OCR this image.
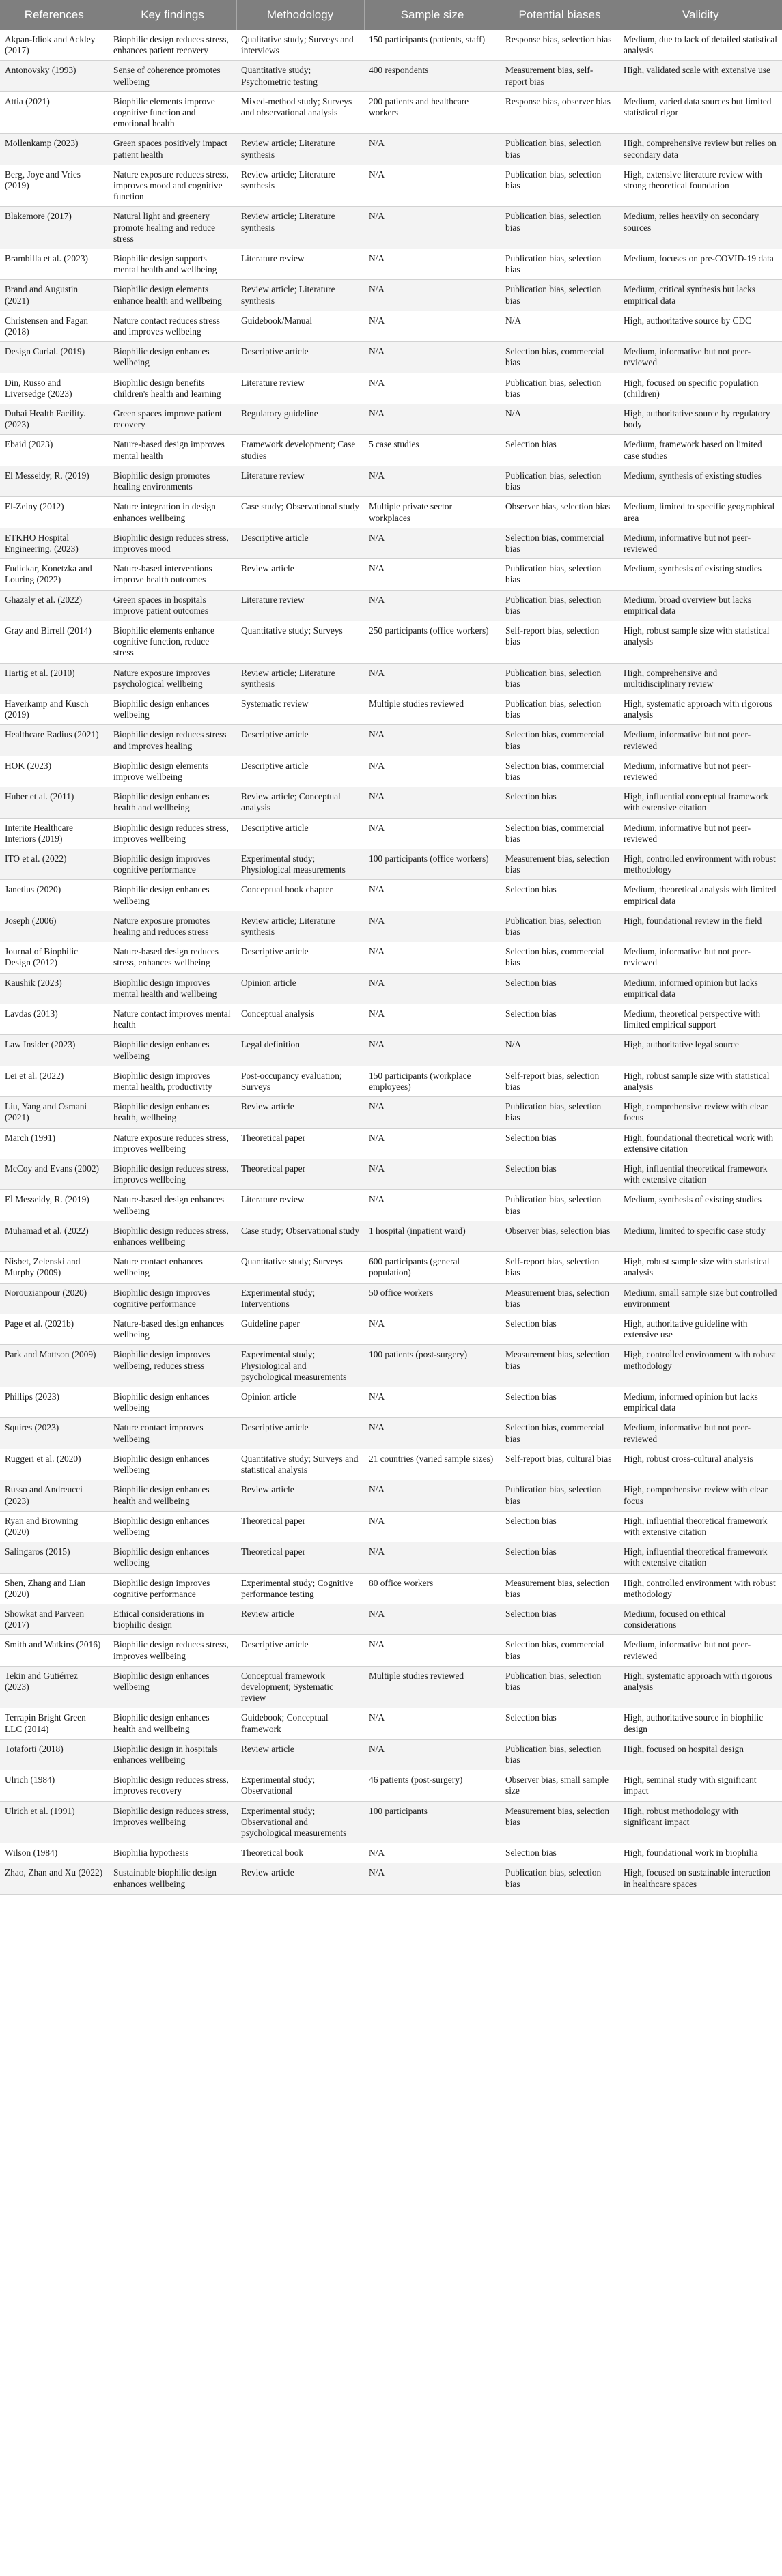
References	Key findings	Methodology	Sample size	Potential biases	Validity
Akpan-Idiok and Ackley (2017)	Biophilic design reduces stress, enhances patient recovery	Qualitative study; Surveys and interviews	150 participants (patients, staff)	Response bias, selection bias	Medium, due to lack of detailed statistical analysis
Antonovsky (1993)	Sense of coherence promotes wellbeing	Quantitative study; Psychometric testing	400 respondents	Measurement bias, self-report bias	High, validated scale with extensive use
Attia (2021)	Biophilic elements improve cognitive function and emotional health	Mixed-method study; Surveys and observational analysis	200 patients and healthcare workers	Response bias, observer bias	Medium, varied data sources but limited statistical rigor
Mollenkamp (2023)	Green spaces positively impact patient health	Review article; Literature synthesis	N/A	Publication bias, selection bias	High, comprehensive review but relies on secondary data
Berg, Joye and Vries (2019)	Nature exposure reduces stress, improves mood and cognitive function	Review article; Literature synthesis	N/A	Publication bias, selection bias	High, extensive literature review with strong theoretical foundation
Blakemore (2017)	Natural light and greenery promote healing and reduce stress	Review article; Literature synthesis	N/A	Publication bias, selection bias	Medium, relies heavily on secondary sources
Brambilla et al. (2023)	Biophilic design supports mental health and wellbeing	Literature review	N/A	Publication bias, selection bias	Medium, focuses on pre-COVID-19 data
Brand and Augustin (2021)	Biophilic design elements enhance health and wellbeing	Review article; Literature synthesis	N/A	Publication bias, selection bias	Medium, critical synthesis but lacks empirical data
Christensen and Fagan (2018)	Nature contact reduces stress and improves wellbeing	Guidebook/Manual	N/A	N/A	High, authoritative source by CDC
Design Curial. (2019)	Biophilic design enhances wellbeing	Descriptive article	N/A	Selection bias, commercial bias	Medium, informative but not peer-reviewed
Din, Russo and Liversedge (2023)	Biophilic design benefits children's health and learning	Literature review	N/A	Publication bias, selection bias	High, focused on specific population (children)
Dubai Health Facility. (2023)	Green spaces improve patient recovery	Regulatory guideline	N/A	N/A	High, authoritative source by regulatory body
Ebaid (2023)	Nature-based design improves mental health	Framework development; Case studies	5 case studies	Selection bias	Medium, framework based on limited case studies
El Messeidy, R. (2019)	Biophilic design promotes healing environments	Literature review	N/A	Publication bias, selection bias	Medium, synthesis of existing studies
El-Zeiny (2012)	Nature integration in design enhances wellbeing	Case study; Observational study	Multiple private sector workplaces	Observer bias, selection bias	Medium, limited to specific geographical area
ETKHO Hospital Engineering. (2023)	Biophilic design reduces stress, improves mood	Descriptive article	N/A	Selection bias, commercial bias	Medium, informative but not peer-reviewed
Fudickar, Konetzka and Louring (2022)	Nature-based interventions improve health outcomes	Review article	N/A	Publication bias, selection bias	Medium, synthesis of existing studies
Ghazaly et al. (2022)	Green spaces in hospitals improve patient outcomes	Literature review	N/A	Publication bias, selection bias	Medium, broad overview but lacks empirical data
Gray and Birrell (2014)	Biophilic elements enhance cognitive function, reduce stress	Quantitative study; Surveys	250 participants (office workers)	Self-report bias, selection bias	High, robust sample size with statistical analysis
Hartig et al. (2010)	Nature exposure improves psychological wellbeing	Review article; Literature synthesis	N/A	Publication bias, selection bias	High, comprehensive and multidisciplinary review
Haverkamp and Kusch (2019)	Biophilic design enhances wellbeing	Systematic review	Multiple studies reviewed	Publication bias, selection bias	High, systematic approach with rigorous analysis
Healthcare Radius (2021)	Biophilic design reduces stress and improves healing	Descriptive article	N/A	Selection bias, commercial bias	Medium, informative but not peer-reviewed
HOK (2023)	Biophilic design elements improve wellbeing	Descriptive article	N/A	Selection bias, commercial bias	Medium, informative but not peer-reviewed
Huber et al. (2011)	Biophilic design enhances health and wellbeing	Review article; Conceptual analysis	N/A	Selection bias	High, influential conceptual framework with extensive citation
Interite Healthcare Interiors (2019)	Biophilic design reduces stress, improves wellbeing	Descriptive article	N/A	Selection bias, commercial bias	Medium, informative but not peer-reviewed
ITO et al. (2022)	Biophilic design improves cognitive performance	Experimental study; Physiological measurements	100 participants (office workers)	Measurement bias, selection bias	High, controlled environment with robust methodology
Janetius (2020)	Biophilic design enhances wellbeing	Conceptual book chapter	N/A	Selection bias	Medium, theoretical analysis with limited empirical data
Joseph (2006)	Nature exposure promotes healing and reduces stress	Review article; Literature synthesis	N/A	Publication bias, selection bias	High, foundational review in the field
Journal of Biophilic Design (2012)	Nature-based design reduces stress, enhances wellbeing	Descriptive article	N/A	Selection bias, commercial bias	Medium, informative but not peer-reviewed
Kaushik (2023)	Biophilic design improves mental health and wellbeing	Opinion article	N/A	Selection bias	Medium, informed opinion but lacks empirical data
Lavdas (2013)	Nature contact improves mental health	Conceptual analysis	N/A	Selection bias	Medium, theoretical perspective with limited empirical support
Law Insider (2023)	Biophilic design enhances wellbeing	Legal definition	N/A	N/A	High, authoritative legal source
Lei et al. (2022)	Biophilic design improves mental health, productivity	Post-occupancy evaluation; Surveys	150 participants (workplace employees)	Self-report bias, selection bias	High, robust sample size with statistical analysis
Liu, Yang and Osmani (2021)	Biophilic design enhances health, wellbeing	Review article	N/A	Publication bias, selection bias	High, comprehensive review with clear focus
March (1991)	Nature exposure reduces stress, improves wellbeing	Theoretical paper	N/A	Selection bias	High, foundational theoretical work with extensive citation
McCoy and Evans (2002)	Biophilic design reduces stress, improves wellbeing	Theoretical paper	N/A	Selection bias	High, influential theoretical framework with extensive citation
El Messeidy, R. (2019)	Nature-based design enhances wellbeing	Literature review	N/A	Publication bias, selection bias	Medium, synthesis of existing studies
Muhamad et al. (2022)	Biophilic design reduces stress, enhances wellbeing	Case study; Observational study	1 hospital (inpatient ward)	Observer bias, selection bias	Medium, limited to specific case study
Nisbet, Zelenski and Murphy (2009)	Nature contact enhances wellbeing	Quantitative study; Surveys	600 participants (general population)	Self-report bias, selection bias	High, robust sample size with statistical analysis
Norouzianpour (2020)	Biophilic design improves cognitive performance	Experimental study; Interventions	50 office workers	Measurement bias, selection bias	Medium, small sample size but controlled environment
Page et al. (2021b)	Nature-based design enhances wellbeing	Guideline paper	N/A	Selection bias	High, authoritative guideline with extensive use
Park and Mattson (2009)	Biophilic design improves wellbeing, reduces stress	Experimental study; Physiological and psychological measurements	100 patients (post-surgery)	Measurement bias, selection bias	High, controlled environment with robust methodology
Phillips (2023)	Biophilic design enhances wellbeing	Opinion article	N/A	Selection bias	Medium, informed opinion but lacks empirical data
Squires (2023)	Nature contact improves wellbeing	Descriptive article	N/A	Selection bias, commercial bias	Medium, informative but not peer-reviewed
Ruggeri et al. (2020)	Biophilic design enhances wellbeing	Quantitative study; Surveys and statistical analysis	21 countries (varied sample sizes)	Self-report bias, cultural bias	High, robust cross-cultural analysis
Russo and Andreucci (2023)	Biophilic design enhances health and wellbeing	Review article	N/A	Publication bias, selection bias	High, comprehensive review with clear focus
Ryan and Browning (2020)	Biophilic design enhances wellbeing	Theoretical paper	N/A	Selection bias	High, influential theoretical framework with extensive citation
Salingaros (2015)	Biophilic design enhances wellbeing	Theoretical paper	N/A	Selection bias	High, influential theoretical framework with extensive citation
Shen, Zhang and Lian (2020)	Biophilic design improves cognitive performance	Experimental study; Cognitive performance testing	80 office workers	Measurement bias, selection bias	High, controlled environment with robust methodology
Showkat and Parveen (2017)	Ethical considerations in biophilic design	Review article	N/A	Selection bias	Medium, focused on ethical considerations
Smith and Watkins (2016)	Biophilic design reduces stress, improves wellbeing	Descriptive article	N/A	Selection bias, commercial bias	Medium, informative but not peer-reviewed
Tekin and Gutiérrez (2023)	Biophilic design enhances wellbeing	Conceptual framework development; Systematic review	Multiple studies reviewed	Publication bias, selection bias	High, systematic approach with rigorous analysis
Terrapin Bright Green LLC (2014)	Biophilic design enhances health and wellbeing	Guidebook; Conceptual framework	N/A	Selection bias	High, authoritative source in biophilic design
Totaforti (2018)	Biophilic design in hospitals enhances wellbeing	Review article	N/A	Publication bias, selection bias	High, focused on hospital design
Ulrich (1984)	Biophilic design reduces stress, improves recovery	Experimental study; Observational	46 patients (post-surgery)	Observer bias, small sample size	High, seminal study with significant impact
Ulrich et al. (1991)	Biophilic design reduces stress, improves wellbeing	Experimental study; Observational and psychological measurements	100 participants	Measurement bias, selection bias	High, robust methodology with significant impact
Wilson (1984)	Biophilia hypothesis	Theoretical book	N/A	Selection bias	High, foundational work in biophilia
Zhao, Zhan and Xu (2022)	Sustainable biophilic design enhances wellbeing	Review article	N/A	Publication bias, selection bias	High, focused on sustainable interaction in healthcare spaces
